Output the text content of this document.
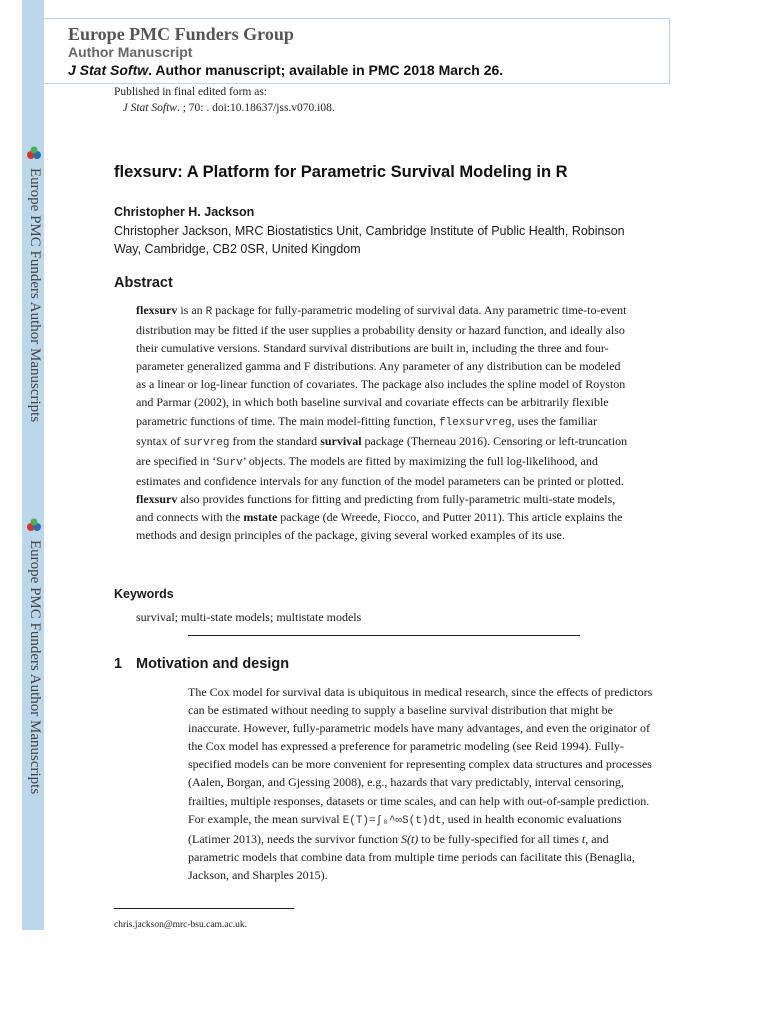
Europe PMC Funders Author Manuscripts
Europe PMC Funders Author Manuscripts
Europe PMC Funders Group
Author Manuscript
J Stat Softw. Author manuscript; available in PMC 2018 March 26.
Published in final edited form as:
J Stat Softw. ; 70: . doi:10.18637/jss.v070.i08.
flexsurv: A Platform for Parametric Survival Modeling in R
Christopher H. Jackson
Christopher Jackson, MRC Biostatistics Unit, Cambridge Institute of Public Health, Robinson Way, Cambridge, CB2 0SR, United Kingdom
Abstract
flexsurv is an R package for fully-parametric modeling of survival data. Any parametric time-to-event distribution may be fitted if the user supplies a probability density or hazard function, and ideally also their cumulative versions. Standard survival distributions are built in, including the three and four-parameter generalized gamma and F distributions. Any parameter of any distribution can be modeled as a linear or log-linear function of covariates. The package also includes the spline model of Royston and Parmar (2002), in which both baseline survival and covariate effects can be arbitrarily flexible parametric functions of time. The main model-fitting function, flexsurvreg, uses the familiar syntax of survreg from the standard survival package (Therneau 2016). Censoring or left-truncation are specified in ‘Surv’ objects. The models are fitted by maximizing the full log-likelihood, and estimates and confidence intervals for any function of the model parameters can be printed or plotted. flexsurv also provides functions for fitting and predicting from fully-parametric multi-state models, and connects with the mstate package (de Wreede, Fiocco, and Putter 2011). This article explains the methods and design principles of the package, giving several worked examples of its use.
Keywords
survival; multi-state models; multistate models
1 Motivation and design
The Cox model for survival data is ubiquitous in medical research, since the effects of predictors can be estimated without needing to supply a baseline survival distribution that might be inaccurate. However, fully-parametric models have many advantages, and even the originator of the Cox model has expressed a preference for parametric modeling (see Reid 1994). Fully-specified models can be more convenient for representing complex data structures and processes (Aalen, Borgan, and Gjessing 2008), e.g., hazards that vary predictably, interval censoring, frailties, multiple responses, datasets or time scales, and can help with out-of-sample prediction. For example, the mean survival E(T)=∫₀^∞S(t)dt, used in health economic evaluations (Latimer 2013), needs the survivor function S(t) to be fully-specified for all times t, and parametric models that combine data from multiple time periods can facilitate this (Benaglia, Jackson, and Sharples 2015).
chris.jackson@mrc-bsu.cam.ac.uk.
